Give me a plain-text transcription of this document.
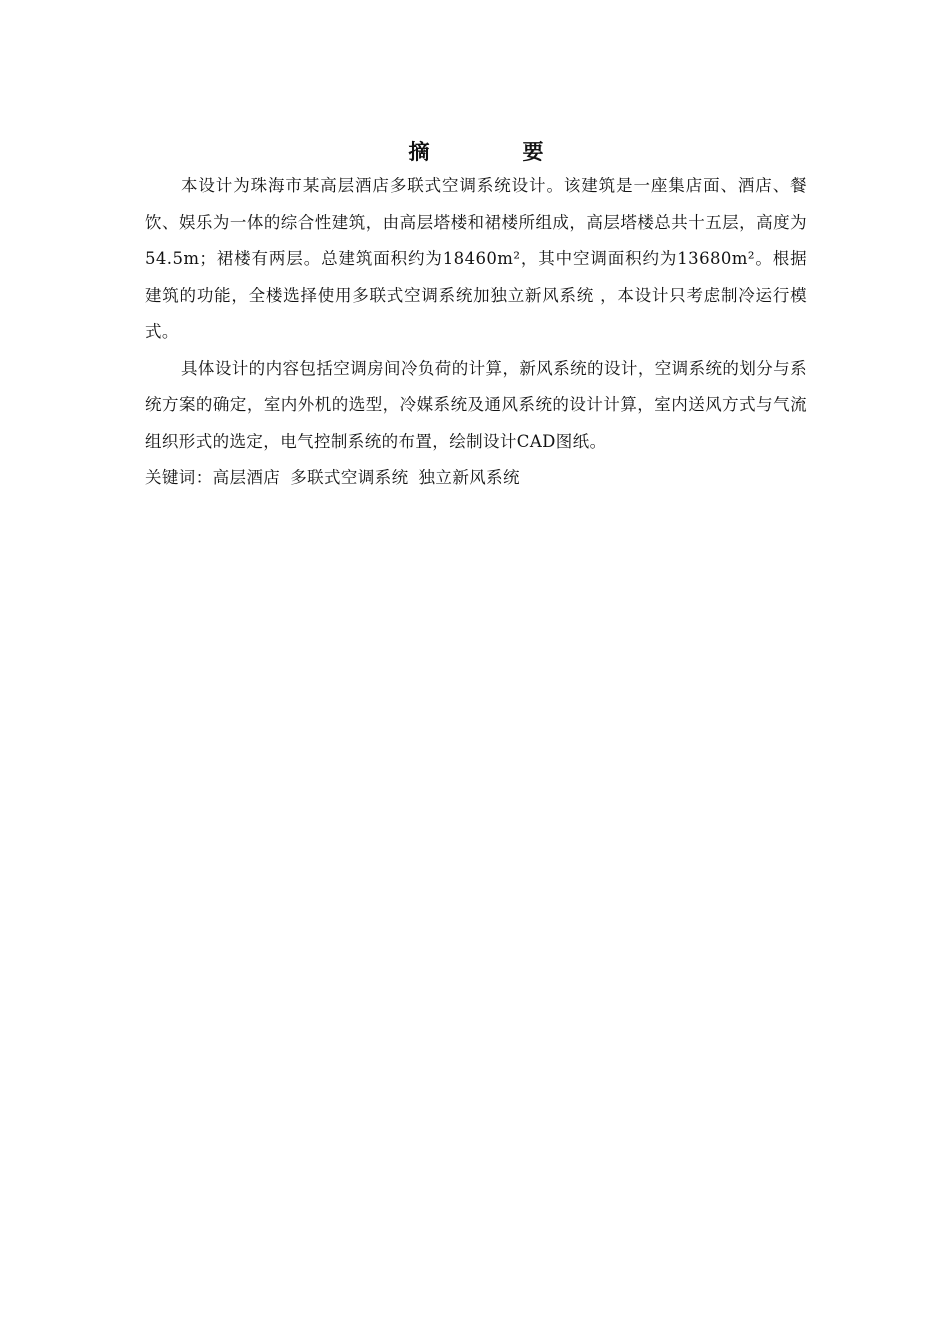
摘　要

本设计为珠海市某高层酒店多联式空调系统设计。该建筑是一座集店面、酒店、餐饮、娱乐为一体的综合性建筑，由高层塔楼和裙楼所组成，高层塔楼总共十五层，高度为54.5m；裙楼有两层。总建筑面积约为18460m²，其中空调面积约为13680m²。根据建筑的功能，全楼选择使用多联式空调系统加独立新风系统 ，本设计只考虑制冷运行模式。

具体设计的内容包括空调房间冷负荷的计算，新风系统的设计，空调系统的划分与系统方案的确定，室内外机的选型，冷媒系统及通风系统的设计计算，室内送风方式与气流组织形式的选定，电气控制系统的布置，绘制设计CAD图纸。

关键词：高层酒店 多联式空调系统 独立新风系统
